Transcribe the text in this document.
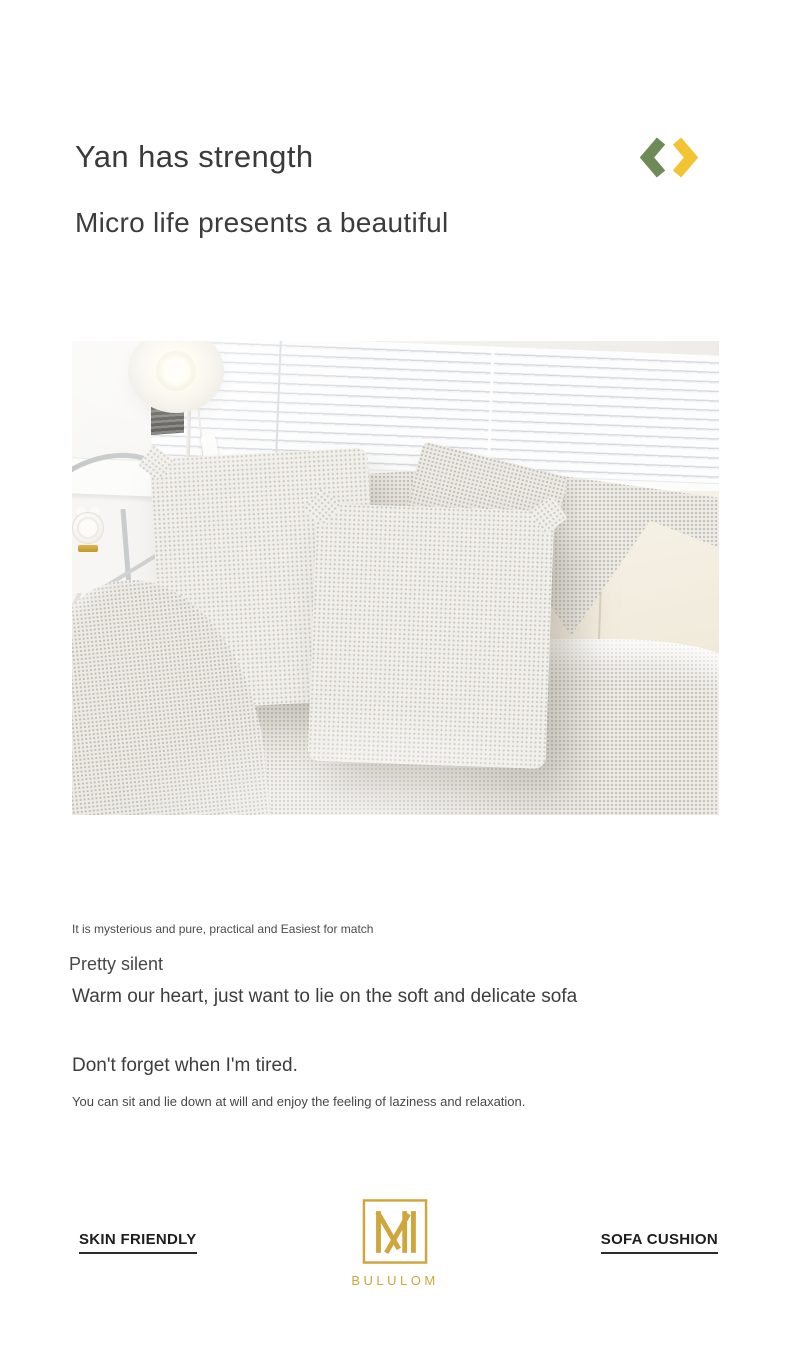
Yan has strength
Micro life presents a beautiful

It is mysterious and pure, practical and Easiest for match

Pretty silent

Warm our heart, just want to lie on the soft and delicate sofa

Don't forget when I'm tired.

You can sit and lie down at will and enjoy the feeling of laziness and relaxation.

SKIN FRIENDLY
BULULOM
SOFA CUSHION
